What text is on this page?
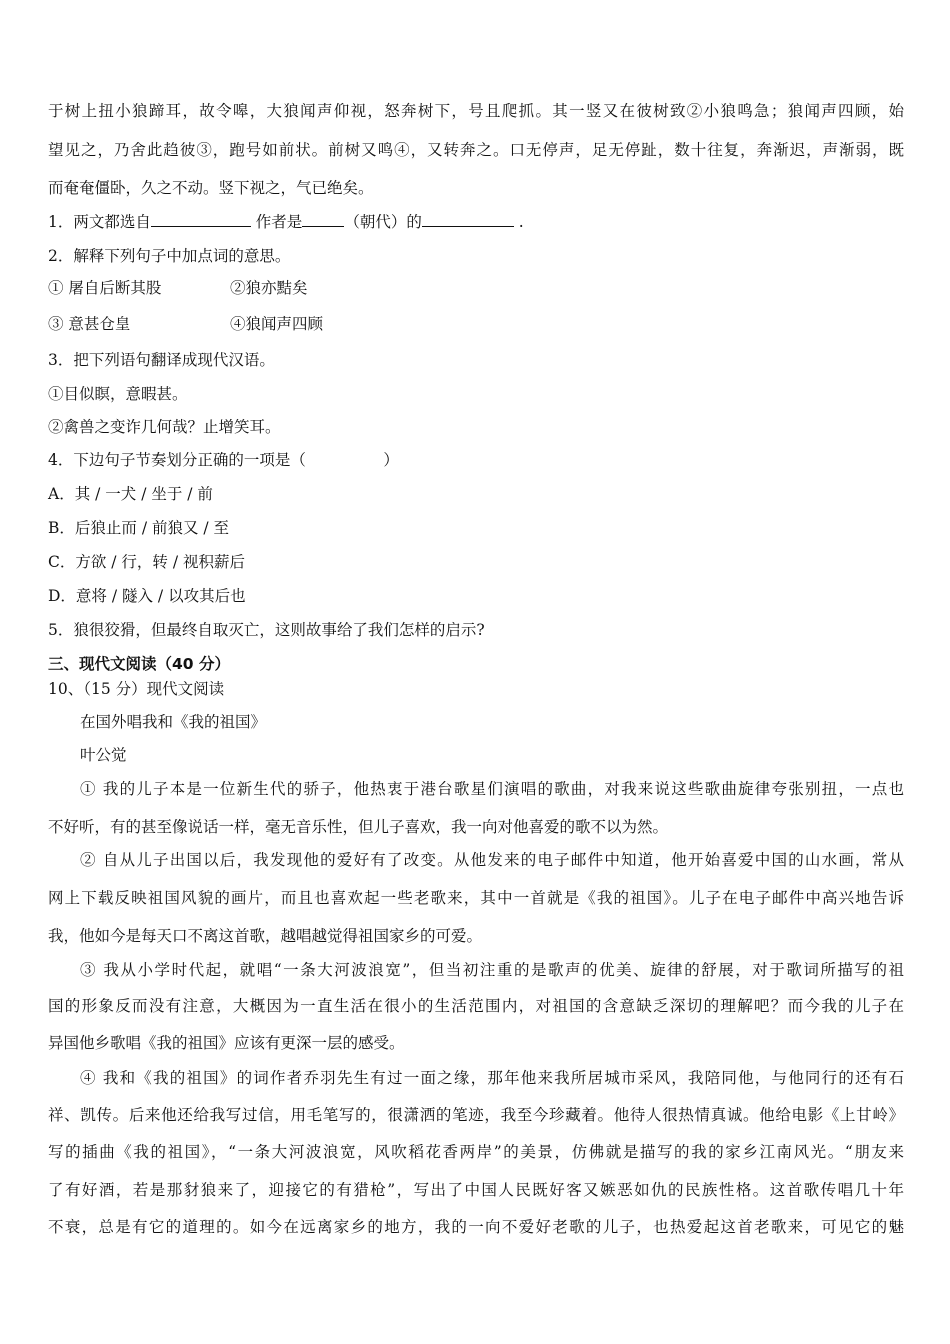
于树上扭小狼蹄耳，故令嗥，大狼闻声仰视，怒奔树下，号且爬抓。其一竖又在彼树致②小狼鸣急；狼闻声四顾，始
望见之，乃舍此趋彼③，跑号如前状。前树又鸣④，又转奔之。口无停声，足无停趾，数十往复，奔渐迟，声渐弱，既
而奄奄僵卧，久之不动。竖下视之，气已绝矣。
1．两文都选自	作者是	（朝代）的	.
2．解释下列句子中加点词的意思。
① 屠自后断其股	②狼亦黠矣
③ 意甚仓皇	④狼闻声四顾
3．把下列语句翻译成现代汉语。
①目似瞑，意暇甚。
②禽兽之变诈几何哉？止增笑耳。
4．下边句子节奏划分正确的一项是（　　　　　）
A．其 / 一犬 / 坐于 / 前
B．后狼止而 / 前狼又 / 至
C．方欲 / 行，转 / 视积薪后
D．意将 / 隧入 / 以攻其后也
5．狼很狡猾，但最终自取灭亡，这则故事给了我们怎样的启示?
三、现代文阅读（40 分）
10、（15 分）现代文阅读
在国外唱我和《我的祖国》
叶公觉
① 我的儿子本是一位新生代的骄子，他热衷于港台歌星们演唱的歌曲，对我来说这些歌曲旋律夸张别扭，一点也
不好听，有的甚至像说话一样，毫无音乐性，但儿子喜欢，我一向对他喜爱的歌不以为然。
② 自从儿子出国以后，我发现他的爱好有了改变。从他发来的电子邮件中知道，他开始喜爱中国的山水画，常从
网上下载反映祖国风貌的画片，而且也喜欢起一些老歌来，其中一首就是《我的祖国》。儿子在电子邮件中高兴地告诉
我，他如今是每天口不离这首歌，越唱越觉得祖国家乡的可爱。
③ 我从小学时代起，就唱“一条大河波浪宽”，但当初注重的是歌声的优美、旋律的舒展，对于歌词所描写的祖
国的形象反而没有注意，大概因为一直生活在很小的生活范围内，对祖国的含意缺乏深切的理解吧？而今我的儿子在
异国他乡歌唱《我的祖国》应该有更深一层的感受。
④ 我和《我的祖国》的词作者乔羽先生有过一面之缘，那年他来我所居城市采风，我陪同他，与他同行的还有石
祥、凯传。后来他还给我写过信，用毛笔写的，很潇洒的笔迹，我至今珍藏着。他待人很热情真诚。他给电影《上甘岭》
写的插曲《我的祖国》，“一条大河波浪宽，风吹稻花香两岸”的美景，仿佛就是描写的我的家乡江南风光。“朋友来
了有好酒，若是那豺狼来了，迎接它的有猎枪”，写出了中国人民既好客又嫉恶如仇的民族性格。这首歌传唱几十年
不衰，总是有它的道理的。如今在远离家乡的地方，我的一向不爱好老歌的儿子，也热爱起这首老歌来，可见它的魅
